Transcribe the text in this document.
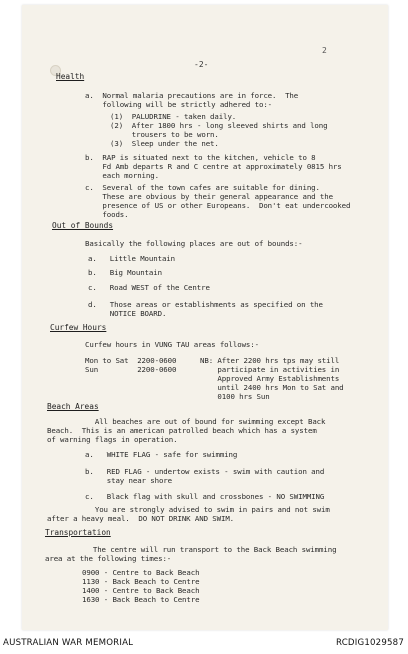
-2-
2
Health
a.  Normal malaria precautions are in force.  The
following will be strictly adhered to:-
(1)  PALUDRINE - taken daily.
(2)  After 1800 hrs - long sleeved shirts and long
trousers to be worn.
(3)  Sleep under the net.
b.  RAP is situated next to the kitchen, vehicle to 8
Fd Amb departs R and C centre at approximately 0815 hrs
each morning.
c.  Several of the town cafes are suitable for dining.
These are obvious by their general appearance and the
presence of US or other Europeans.  Don't eat undercooked
foods.
Out of Bounds
Basically the following places are out of bounds:-
a.   Little Mountain
b.   Big Mountain
c.   Road WEST of the Centre
d.   Those areas or establishments as specified on the
NOTICE BOARD.
Curfew Hours
Curfew hours in VUNG TAU areas follows:-
Mon to Sat  2200-0600
Sun         2200-0600
NB: After 2200 hrs tps may still
participate in activities in
Approved Army Establishments
until 2400 hrs Mon to Sat and
0100 hrs Sun
Beach Areas
All beaches are out of bound for swimming except Back
Beach.  This is an american patrolled beach which has a system
of warning flags in operation.
a.   WHITE FLAG - safe for swimming
b.   RED FLAG - undertow exists - swim with caution and
stay near shore
c.   Black flag with skull and crossbones - NO SWIMMING
You are strongly advised to swim in pairs and not swim
after a heavy meal.  DO NOT DRINK AND SWIM.
Transportation
The centre will run transport to the Back Beach swimming
area at the following times:-
0900 - Centre to Back Beach
1130 - Back Beach to Centre
1400 - Centre to Back Beach
1630 - Back Beach to Centre
AUSTRALIAN WAR MEMORIAL	RCDIG1029587
